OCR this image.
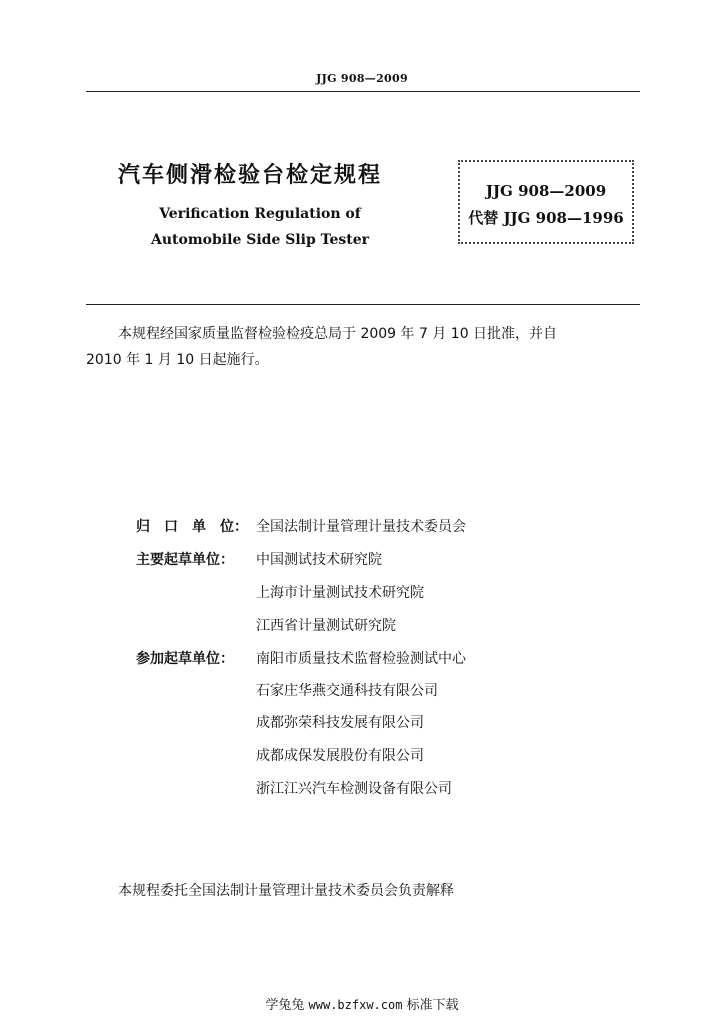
JJG 908—2009
汽车侧滑检验台检定规程
Verification Regulation of
Automobile Side Slip Tester
JJG 908—2009
代替 JJG 908—1996
本规程经国家质量监督检验检疫总局于 2009 年 7 月 10 日批准，并自
2010 年 1 月 10 日起施行。
归　口　单　位： 全国法制计量管理计量技术委员会
主要起草单位：	中国测试技术研究院
上海市计量测试技术研究院
江西省计量测试研究院
参加起草单位：	南阳市质量技术监督检验测试中心
石家庄华燕交通科技有限公司
成都弥荣科技发展有限公司
成都成保发展股份有限公司
浙江江兴汽车检测设备有限公司
本规程委托全国法制计量管理计量技术委员会负责解释
学兔兔 www.bzfxw.com 标准下载
